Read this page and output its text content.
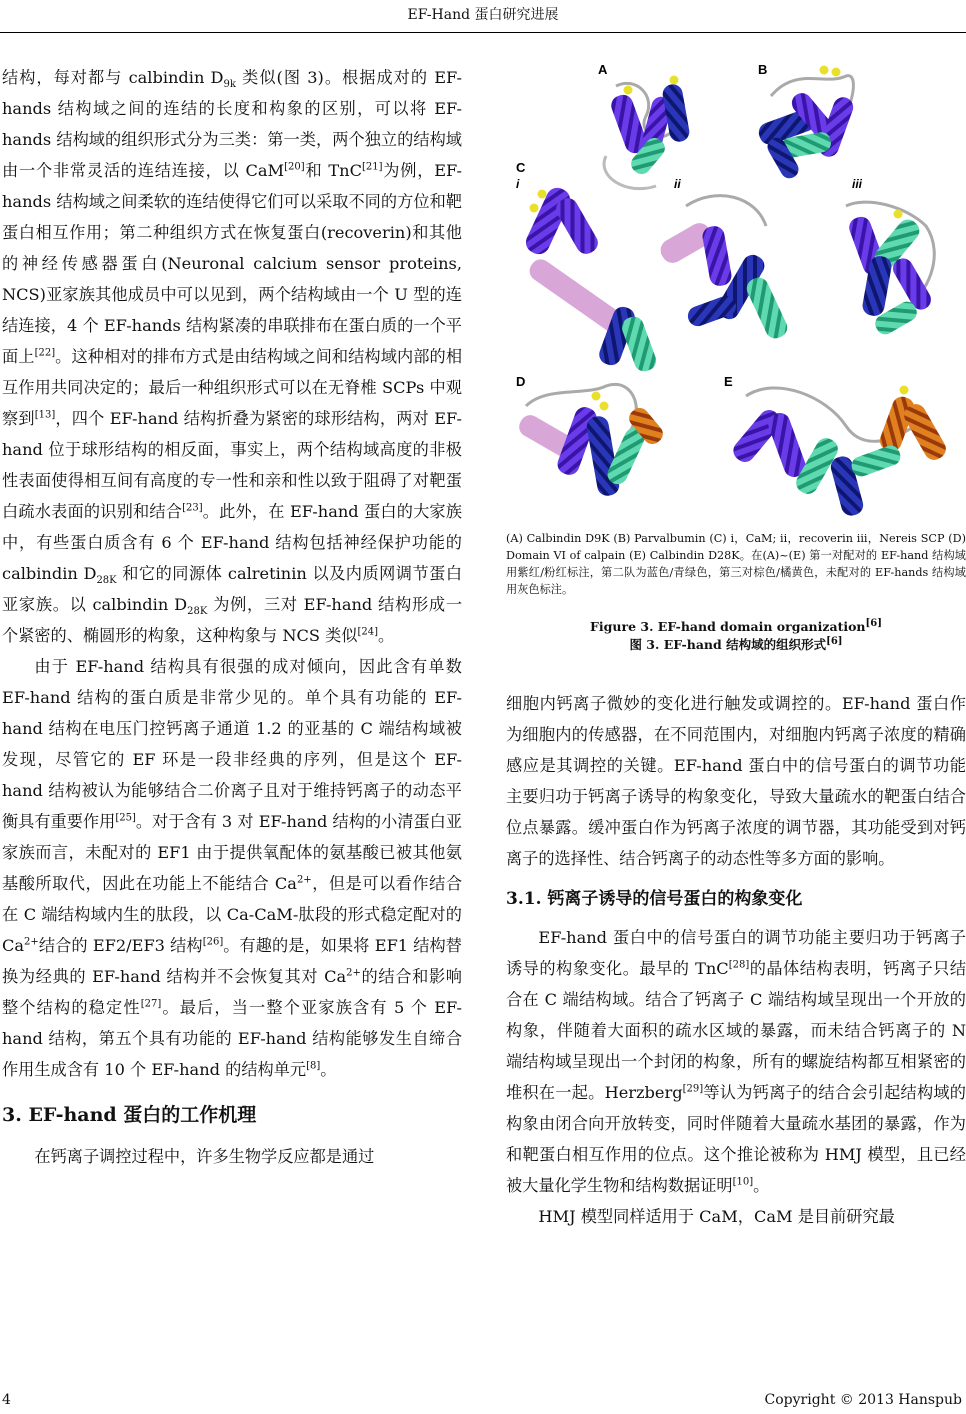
EF-Hand 蛋白研究进展

结构，每对都与 calbindin $D_{9k}$ 类似(图 3)。根据成对的 EF-hands 结构域之间的连结的长度和构象的区别，可以将 EF-hands 结构域的组织形式分为三类：第一类，两个独立的结构域由一个非常灵活的连结连接，以 CaM[20]和 TnC[21]为例，EF-hands 结构域之间柔软的连结使得它们可以采取不同的方位和靶蛋白相互作用；第二种组织方式在恢复蛋白(recoverin)和其他的神经传感器蛋白(Neuronal calcium sensor proteins, NCS)亚家族其他成员中可以见到，两个结构域由一个 U 型的连结连接，4 个 EF-hands 结构紧凑的串联排布在蛋白质的一个平面上[22]。这种相对的排布方式是由结构域之间和结构域内部的相互作用共同决定的；最后一种组织形式可以在无脊椎 SCPs 中观察到[13]，四个 EF-hand 结构折叠为紧密的球形结构，两对 EF-hand 位于球形结构的相反面，事实上，两个结构域高度的非极性表面使得相互间有高度的专一性和亲和性以致于阻碍了对靶蛋白疏水表面的识别和结合[23]。此外，在 EF-hand 蛋白的大家族中，有些蛋白质含有 6 个 EF-hand 结构包括神经保护功能的 calbindin $D_{28K}$ 和它的同源体 calretinin 以及内质网调节蛋白亚家族。以 calbindin $D_{28K}$ 为例，三对 EF-hand 结构形成一个紧密的、椭圆形的构象，这种构象与 NCS 类似[24]。

由于 EF-hand 结构具有很强的成对倾向，因此含有单数 EF-hand 结构的蛋白质是非常少见的。单个具有功能的 EF-hand 结构在电压门控钙离子通道 1.2 的亚基的 C 端结构域被发现，尽管它的 EF 环是一段非经典的序列，但是这个 EF-hand 结构被认为能够结合二价离子且对于维持钙离子的动态平衡具有重要作用[25]。对于含有 3 对 EF-hand 结构的小清蛋白亚家族而言，未配对的 EF1 由于提供氧配体的氨基酸已被其他氨基酸所取代，因此在功能上不能结合 $Ca^{2+}$，但是可以看作结合在 C 端结构域内生的肽段，以 Ca-CaM-肽段的形式稳定配对的 $Ca^{2+}$结合的 EF2/EF3 结构[26]。有趣的是，如果将 EF1 结构替换为经典的 EF-hand 结构并不会恢复其对 $Ca^{2+}$的结合和影响整个结构的稳定性[27]。最后，当一整个亚家族含有 5 个 EF-hand 结构，第五个具有功能的 EF-hand 结构能够发生自缔合作用生成含有 10 个 EF-hand 的结构单元[8]。

3. EF-hand 蛋白的工作机理

在钙离子调控过程中，许多生物学反应都是通过

A	B
C
i	ii	iii
D	E
(A) Calbindin D9K (B) Parvalbumin (C) i，CaM; ii，recoverin iii，Nereis SCP (D) Domain VI of calpain (E) Calbindin D28K。在(A)~(E) 第一对配对的 EF-hand 结构域用紫红/粉红标注，第二队为蓝色/青绿色，第三对棕色/橘黄色，未配对的 EF-hands 结构域用灰色标注。
Figure 3. EF-hand domain organization[6]
图 3. EF-hand 结构域的组织形式[6]

细胞内钙离子微妙的变化进行触发或调控的。EF-hand 蛋白作为细胞内的传感器，在不同范围内，对细胞内钙离子浓度的精确感应是其调控的关键。EF-hand 蛋白中的信号蛋白的调节功能主要归功于钙离子诱导的构象变化，导致大量疏水的靶蛋白结合位点暴露。缓冲蛋白作为钙离子浓度的调节器，其功能受到对钙离子的选择性、结合钙离子的动态性等多方面的影响。

3.1. 钙离子诱导的信号蛋白的构象变化

EF-hand 蛋白中的信号蛋白的调节功能主要归功于钙离子诱导的构象变化。最早的 TnC[28]的晶体结构表明，钙离子只结合在 C 端结构域。结合了钙离子 C 端结构域呈现出一个开放的构象，伴随着大面积的疏水区域的暴露，而未结合钙离子的 N 端结构域呈现出一个封闭的构象，所有的螺旋结构都互相紧密的堆积在一起。Herzberg[29]等认为钙离子的结合会引起结构域的构象由闭合向开放转变，同时伴随着大量疏水基团的暴露，作为和靶蛋白相互作用的位点。这个推论被称为 HMJ 模型，且已经被大量化学生物和结构数据证明[10]。

HMJ 模型同样适用于 CaM，CaM 是目前研究最

4	Copyright © 2013 Hanspub
